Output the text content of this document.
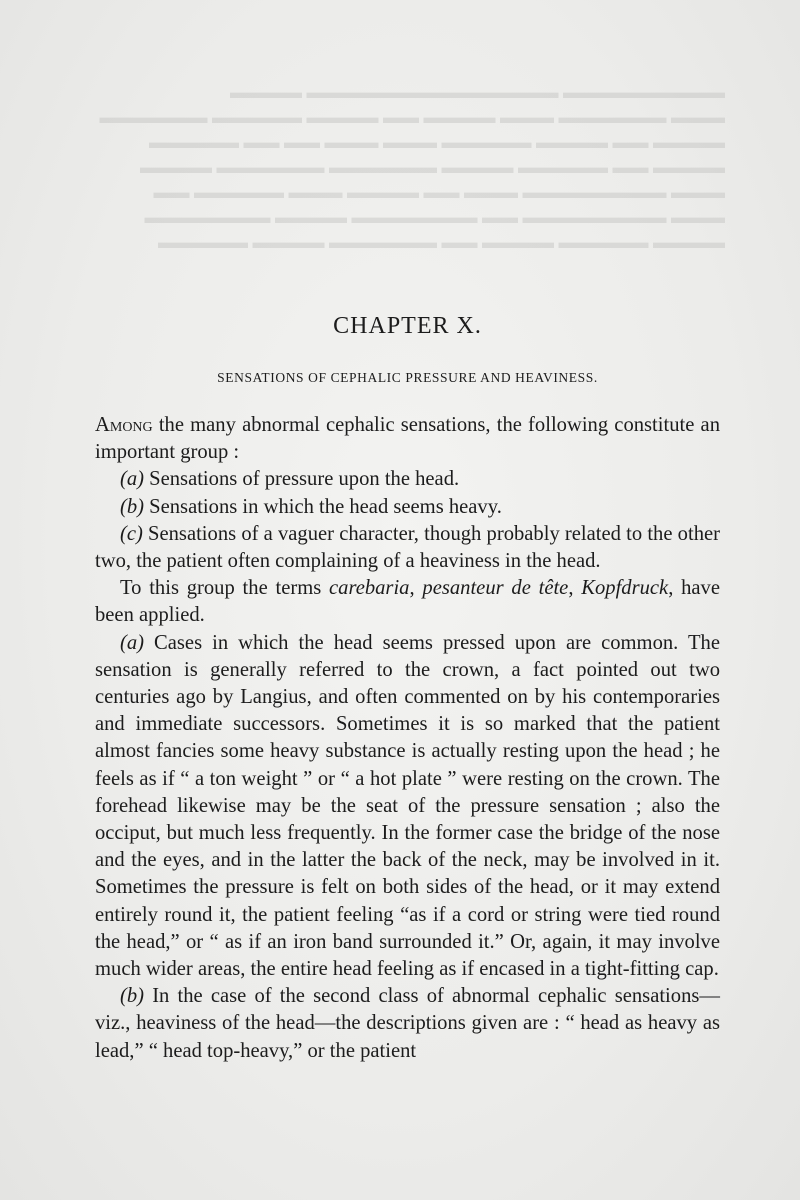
▬▬▬▬▬▬▬▬▬ ▬▬▬▬▬▬▬▬▬▬▬▬▬▬ ▬▬▬▬
▬▬▬ ▬▬▬▬▬▬ ▬▬▬ ▬▬▬▬ ▬▬ ▬▬▬▬ ▬▬▬▬▬ ▬▬▬▬▬▬
▬▬▬▬ ▬▬ ▬▬▬▬ ▬▬▬▬▬ ▬▬▬ ▬▬▬ ▬▬ ▬▬ ▬▬▬▬▬
▬▬▬▬ ▬▬ ▬▬▬▬▬ ▬▬▬▬ ▬▬▬▬▬▬ ▬▬▬▬▬▬ ▬▬▬▬
▬▬▬ ▬▬▬▬▬▬▬▬ ▬▬▬ ▬▬ ▬▬▬▬ ▬▬▬ ▬▬▬▬▬ ▬▬
▬▬▬ ▬▬▬▬▬▬▬▬ ▬▬ ▬▬▬▬▬▬▬ ▬▬▬▬ ▬▬▬▬▬▬▬
▬▬▬▬ ▬▬▬▬▬ ▬▬▬▬ ▬▬ ▬▬▬▬▬▬ ▬▬▬▬ ▬▬▬▬▬
CHAPTER X.
SENSATIONS OF CEPHALIC PRESSURE AND HEAVINESS.

Among the many abnormal cephalic sensations, the following constitute an important group :

(a) Sensations of pressure upon the head.

(b) Sensations in which the head seems heavy.

(c) Sensations of a vaguer character, though probably related to the other two, the patient often complaining of a heaviness in the head.

To this group the terms carebaria, pesanteur de tête, Kopfdruck, have been applied.

(a) Cases in which the head seems pressed upon are common. The sensation is generally referred to the crown, a fact pointed out two centuries ago by Langius, and often commented on by his contemporaries and immediate successors. Sometimes it is so marked that the patient almost fancies some heavy substance is actually resting upon the head ; he feels as if “ a ton weight ” or “ a hot plate ” were resting on the crown. The forehead likewise may be the seat of the pressure sensation ; also the occiput, but much less frequently. In the former case the bridge of the nose and the eyes, and in the latter the back of the neck, may be involved in it. Sometimes the pressure is felt on both sides of the head, or it may extend entirely round it, the patient feeling “as if a cord or string were tied round the head,” or “ as if an iron band surrounded it.” Or, again, it may involve much wider areas, the entire head feeling as if encased in a tight-fitting cap.

(b) In the case of the second class of abnormal cephalic sensations—viz., heaviness of the head—the descriptions given are : “ head as heavy as lead,” “ head top-heavy,” or the patient
